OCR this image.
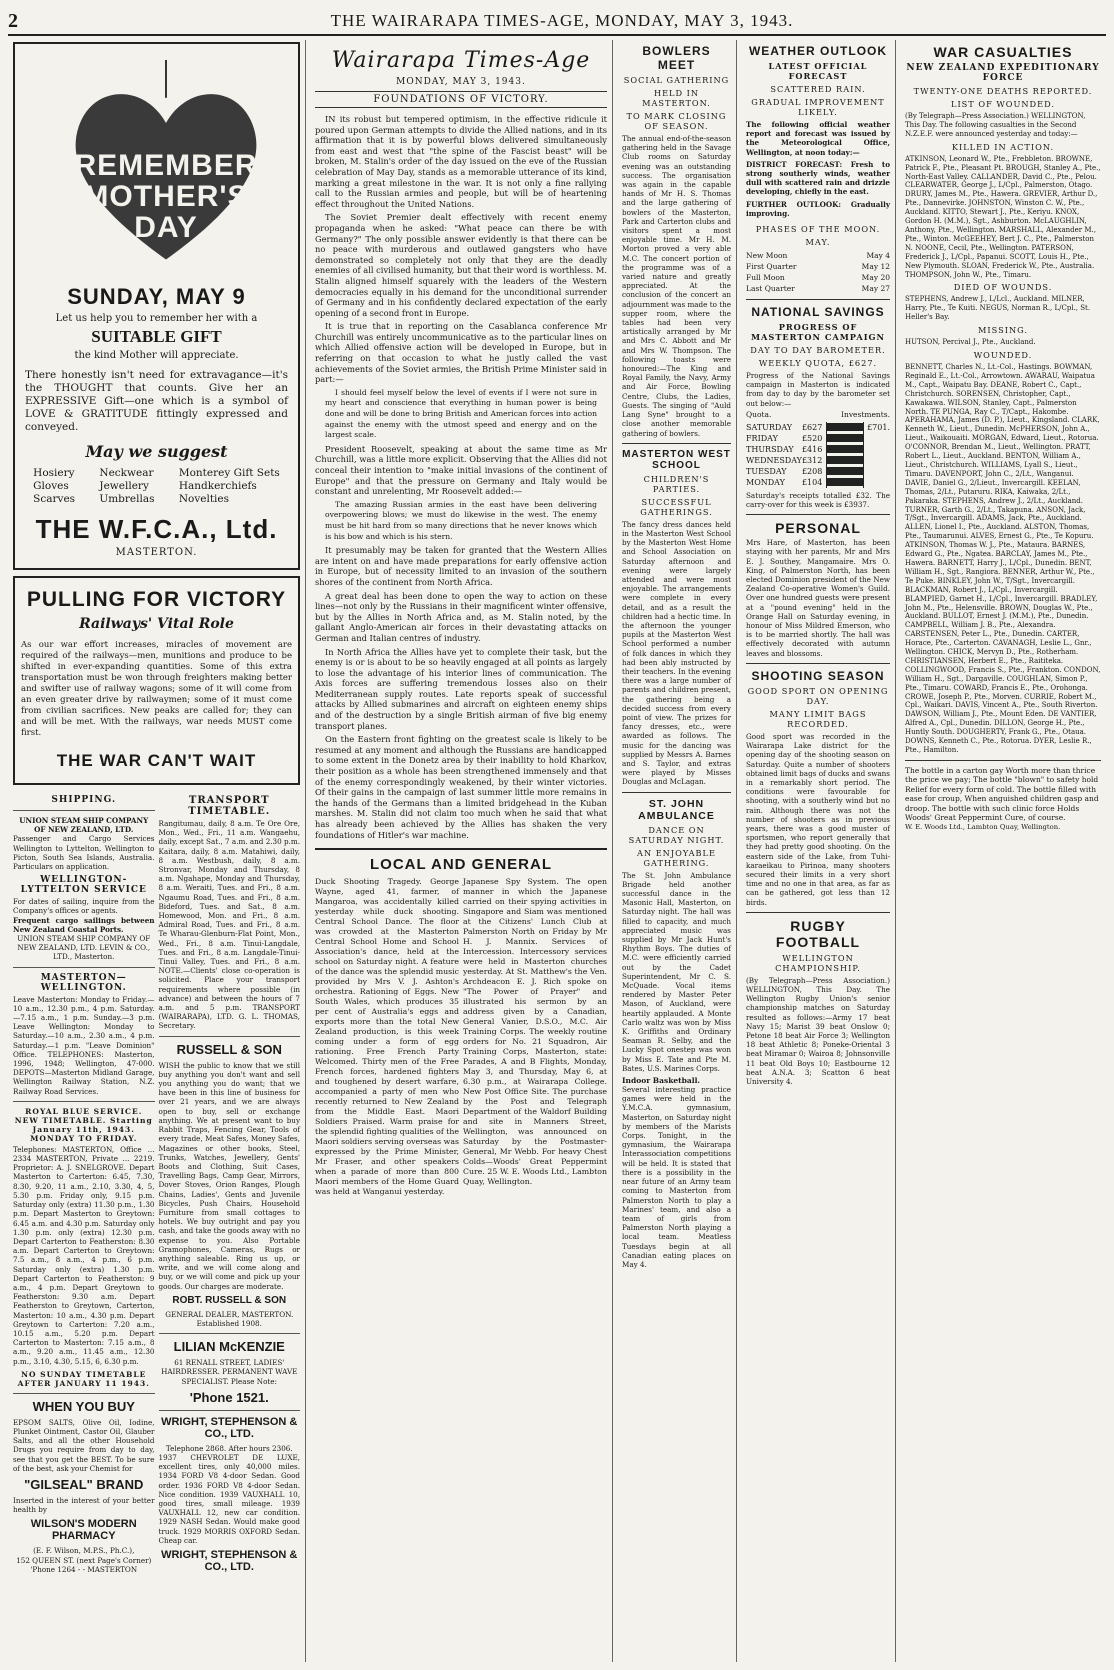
2	THE WAIRARAPA TIMES-AGE, MONDAY, MAY 3, 1943.
REMEMBER
MOTHER'S
DAY
SUNDAY, MAY 9
Let us help you to remember her with a
SUITABLE GIFT
the kind Mother will appreciate.
There honestly isn't need for extravagance—it's the THOUGHT that counts. Give her an EXPRESSIVE Gift—one which is a symbol of LOVE & GRATITUDE fittingly expressed and conveyed.
May we suggest
Hosiery
Gloves
Scarves
Neckwear
Jewellery
Umbrellas
Monterey Gift Sets
Handkerchiefs
Novelties
THE W.F.C.A., Ltd.
MASTERTON.
PULLING FOR VICTORY
Railways' Vital Role
As our war effort increases, miracles of movement are required of the railways—men, munitions and produce to be shifted in ever-expanding quantities. Some of this extra transportation must be won through freighters making better and swifter use of railway wagons; some of it will come from an even greater drive by railwaymen; some of it must come from civilian sacrifices. New peaks are called for; they can and will be met. With the railways, war needs MUST come first.
THE WAR CAN'T WAIT
SHIPPING.
UNION STEAM SHIP COMPANY OF NEW ZEALAND, LTD.
Passenger and Cargo Services Wellington to Lyttelton, Wellington to Picton, South Sea Islands, Australia. Particulars on application.
WELLINGTON-LYTTELTON SERVICE
For dates of sailing, inquire from the Company's offices or agents.
Frequent cargo sailings between New Zealand Coastal Ports.
UNION STEAM SHIP COMPANY OF NEW ZEALAND, LTD. LEVIN & CO., LTD., Masterton.
MASTERTON—WELLINGTON.
Leave Masterton: Monday to Friday.—10 a.m., 12.30 p.m., 4 p.m. Saturday.—7.15 a.m., 1 p.m. Sunday.—3 p.m. Leave Wellington: Monday to Saturday.—10 a.m., 2.30 a.m., 4 p.m. Saturday.—1 p.m. "Leave Dominion" Office. TELEPHONES: Masterton, 1996, 1948; Wellington, 47-000. DEPOTS—Masterton Midland Garage, Wellington Railway Station, N.Z. Railway Road Services.
ROYAL BLUE SERVICE. NEW TIMETABLE. Starting January 11th, 1943. MONDAY TO FRIDAY.
Telephones: MASTERTON, Office ... 2334 MASTERTON, Private ... 2219. Proprietor: A. J. SNELGROVE. Depart Masterton to Carterton: 6.45, 7.30, 8.30, 9.20, 11 a.m., 2.10, 3.30, 4, 5, 5.30 p.m. Friday only, 9.15 p.m. Saturday only (extra) 11.30 p.m., 1.30 p.m. Depart Masterton to Greytown: 6.45 a.m. and 4.30 p.m. Saturday only 1.30 p.m. only (extra) 12.30 p.m. Depart Carterton to Featherston: 8.30 a.m. Depart Carterton to Greytown: 7.5 a.m., 8 a.m., 4 p.m., 6 p.m. Saturday only (extra) 1.30 p.m. Depart Carterton to Featherston: 9 a.m., 4 p.m. Depart Greytown to Featherston: 9.30 a.m. Depart Featherston to Greytown, Carterton, Masterton: 10 a.m., 4.30 p.m. Depart Greytown to Carterton: 7.20 a.m., 10.15 a.m., 5.20 p.m. Depart Carterton to Masterton: 7.15 a.m., 8 a.m., 9.20 a.m., 11.45 a.m., 12.30 p.m., 3.10, 4.30, 5.15, 6, 6.30 p.m.
NO SUNDAY TIMETABLE AFTER JANUARY 11 1943.
WHEN YOU BUY
EPSOM SALTS, Olive Oil, Iodine, Plunket Ointment, Castor Oil, Glauber Salts, and all the other Household Drugs you require from day to day, see that you get the BEST. To be sure of the best, ask your Chemist for
"GILSEAL" BRAND
Inserted in the interest of your better health by
WILSON'S MODERN PHARMACY
(E. F. Wilson, M.P.S., Ph.C.),
152 QUEEN ST. (next Page's Corner) 'Phone 1264 - - MASTERTON
TRANSPORT TIMETABLE.
Rangitumau, daily, 8 a.m. Te Ore Ore, Mon., Wed., Fri., 11 a.m. Wangaehu, daily, except Sat., 7 a.m. and 2.30 p.m. Kaitara, daily, 8 a.m. Matahiwi, daily, 8 a.m. Westbush, daily, 8 a.m. Stronvar, Monday and Thursday, 8 a.m. Ngahape, Monday and Thursday, 8 a.m. Weraiti, Tues. and Fri., 8 a.m. Ngaumu Road, Tues. and Fri., 8 a.m. Bideford, Tues. and Sat., 8 a.m. Homewood, Mon. and Fri., 8 a.m. Admiral Road, Tues. and Fri., 8 a.m. Te Wharau-Glenburn-Flat Point, Mon., Wed., Fri., 8 a.m. Tinui-Langdale, Tues. and Fri., 8 a.m. Langdale-Tinui-Tinui Valley, Tues. and Fri., 8 a.m. NOTE.—Clients' close co-operation is solicited. Place your transport requirements where possible (in advance) and between the hours of 7 a.m. and 5 p.m. TRANSPORT (WAIRARAPA), LTD. G. L. THOMAS, Secretary.
RUSSELL & SON
WISH the public to know that we still buy anything you don't want and sell you anything you do want; that we have been in this line of business for over 21 years, and we are always open to buy, sell or exchange anything. We at present want to buy Rabbit Traps, Fencing Gear, Tools of every trade, Meat Safes, Money Safes, Magazines or other books, Steel, Trunks, Watches, Jewellery, Gents' Boots and Clothing, Suit Cases, Travelling Bags, Camp Gear, Mirrors, Dover Stoves, Orion Ranges, Plough Chains, Ladies', Gents and Juvenile Bicycles, Push Chairs, Household Furniture from small cottages to hotels. We buy outright and pay you cash, and take the goods away with no expense to you. Also Portable Gramophones, Cameras, Rugs or anything saleable. Ring us up, or write, and we will come along and buy, or we will come and pick up your goods. Our charges are moderate.
ROBT. RUSSELL & SON
GENERAL DEALER, MASTERTON. Established 1908.
LILIAN McKENZIE
61 RENALL STREET, LADIES' HAIRDRESSER. PERMANENT WAVE SPECIALIST. Please Note:
'Phone 1521.
WRIGHT, STEPHENSON & CO., LTD.
Telephone 2868. After hours 2306.
1937 CHEVROLET DE LUXE, excellent tires, only 40,000 miles. 1934 FORD V8 4-door Sedan. Good order. 1936 FORD V8 4-door Sedan. Nice condition. 1939 VAUXHALL 10, good tires, small mileage. 1939 VAUXHALL 12, new car condition. 1929 NASH Sedan. Would make good truck. 1929 MORRIS OXFORD Sedan. Cheap car.
WRIGHT, STEPHENSON & CO., LTD.
Wairarapa Times-Age
MONDAY, MAY 3, 1943.
FOUNDATIONS OF VICTORY.

IN its robust but tempered optimism, in the effective ridicule it poured upon German attempts to divide the Allied nations, and in its affirmation that it is by powerful blows delivered simultaneously from east and west that "the spine of the Fascist beast" will be broken, M. Stalin's order of the day issued on the eve of the Russian celebration of May Day, stands as a memorable utterance of its kind, marking a great milestone in the war. It is not only a fine rallying call to the Russian armies and people, but will be of heartening effect throughout the United Nations.

The Soviet Premier dealt effectively with recent enemy propaganda when he asked: "What peace can there be with Germany?" The only possible answer evidently is that there can be no peace with murderous and outlawed gangsters who have demonstrated so completely not only that they are the deadly enemies of all civilised humanity, but that their word is worthless. M. Stalin aligned himself squarely with the leaders of the Western democracies equally in his demand for the unconditional surrender of Germany and in his confidently declared expectation of the early opening of a second front in Europe.

It is true that in reporting on the Casablanca conference Mr Churchill was entirely uncommunicative as to the particular lines on which Allied offensive action will be developed in Europe, but in referring on that occasion to what he justly called the vast achievements of the Soviet armies, the British Prime Minister said in part:—

I should feel myself below the level of events if I were not sure in my heart and conscience that everything in human power is being done and will be done to bring British and American forces into action against the enemy with the utmost speed and energy and on the largest scale.

President Roosevelt, speaking at about the same time as Mr Churchill, was a little more explicit. Observing that the Allies did not conceal their intention to "make initial invasions of the continent of Europe" and that the pressure on Germany and Italy would be constant and unrelenting, Mr Roosevelt added:—

The amazing Russian armies in the east have been delivering overpowering blows; we must do likewise in the west. The enemy must be hit hard from so many directions that he never knows which is his bow and which is his stern.

It presumably may be taken for granted that the Western Allies are intent on and have made preparations for early offensive action in Europe, but of necessity limited to an invasion of the southern shores of the continent from North Africa.

A great deal has been done to open the way to action on these lines—not only by the Russians in their magnificent winter offensive, but by the Allies in North Africa and, as M. Stalin noted, by the gallant Anglo-American air forces in their devastating attacks on German and Italian centres of industry.

In North Africa the Allies have yet to complete their task, but the enemy is or is about to be so heavily engaged at all points as largely to lose the advantage of his interior lines of communication. The Axis forces are suffering tremendous losses also on their Mediterranean supply routes. Late reports speak of successful attacks by Allied submarines and aircraft on eighteen enemy ships and of the destruction by a single British airman of five big enemy transport planes.

On the Eastern front fighting on the greatest scale is likely to be resumed at any moment and although the Russians are handicapped to some extent in the Donetz area by their inability to hold Kharkov, their position as a whole has been strengthened immensely and that of the enemy correspondingly weakened, by their winter victories. Of their gains in the campaign of last summer little more remains in the hands of the Germans than a limited bridgehead in the Kuban marshes. M. Stalin did not claim too much when he said that what has already been achieved by the Allies has shaken the very foundations of Hitler's war machine.

LOCAL AND GENERAL
Duck Shooting Tragedy. George Wayne, aged 41, farmer, of Mangaroa, was accidentally killed yesterday while duck shooting. Central School Dance. The floor was crowded at the Masterton Central School Home and School Association's dance, held at the school on Saturday night. A feature of the dance was the splendid music provided by Mrs V. J. Ashton's orchestra. Rationing of Eggs. New South Wales, which produces 35 per cent of Australia's eggs and exports more than the total New Zealand production, is this week coming under a form of egg rationing. Free French Party Welcomed. Thirty men of the Free French forces, hardened fighters and toughened by desert warfare, accompanied a party of men who recently returned to New Zealand from the Middle East. Maori Soldiers Praised. Warm praise for the splendid fighting qualities of the Maori soldiers serving overseas was expressed by the Prime Minister, Mr Fraser, and other speakers when a parade of more than 800 Maori members of the Home Guard was held at Wanganui yesterday.
Japanese Spy System. The open manner in which the Japanese carried on their spying activities in Singapore and Siam was mentioned at the Citizens' Lunch Club at Palmerston North on Friday by Mr H. J. Mannix. Services of Intercession. Intercessory services were held in Masterton churches yesterday. At St. Matthew's the Ven. Archdeacon E. J. Rich spoke on "The Power of Prayer" and illustrated his sermon by an address given by a Canadian, General Vanier, D.S.O., M.C. Air Training Corps. The weekly routine orders for No. 21 Squadron, Air Training Corps, Masterton, state: Parades, A and B Flights, Monday, May 3, and Thursday, May 6, at 6.30 p.m., at Wairarapa College. New Post Office Site. The purchase by the Post and Telegraph Department of the Waldorf Building and site in Manners Street, Wellington, was announced on Saturday by the Postmaster-General, Mr Webb. For heavy Chest Colds—Woods' Great Peppermint Cure. 25 W. E. Woods Ltd., Lambton Quay, Wellington.
BOWLERS MEET
SOCIAL GATHERING
HELD IN MASTERTON.
TO MARK CLOSING OF SEASON.
The annual end-of-the-season gathering held in the Savage Club rooms on Saturday evening was an outstanding success. The organisation was again in the capable hands of Mr H. S. Thomas and the large gathering of bowlers of the Masterton, Park and Carterton clubs and visitors spent a most enjoyable time. Mr H. M. Morton proved a very able M.C. The concert portion of the programme was of a varied nature and greatly appreciated. At the conclusion of the concert an adjournment was made to the supper room, where the tables had been very artistically arranged by Mr and Mrs C. Abbott and Mr and Mrs W. Thompson. The following toasts were honoured:—The King and Royal Family, the Navy, Army and Air Force, Bowling Centre, Clubs, the Ladies, Guests. The singing of "Auld Lang Syne" brought to a close another memorable gathering of bowlers.
MASTERTON WEST SCHOOL
CHILDREN'S PARTIES.
SUCCESSFUL GATHERINGS.
The fancy dress dances held in the Masterton West School by the Masterton West Home and School Association on Saturday afternoon and evening were largely attended and were most enjoyable. The arrangements were complete in every detail, and as a result the children had a hectic time. In the afternoon the younger pupils at the Masterton West School performed a number of folk dances in which they had been ably instructed by their teachers. In the evening there was a large number of parents and children present, the gathering being a decided success from every point of view. The prizes for fancy dresses, etc., were awarded as follows. The music for the dancing was supplied by Messrs A. Barnes and S. Taylor, and extras were played by Misses Douglas and McLagan.
ST. JOHN AMBULANCE
DANCE ON SATURDAY NIGHT.
AN ENJOYABLE GATHERING.
The St. John Ambulance Brigade held another successful dance in the Masonic Hall, Masterton, on Saturday night. The hall was filled to capacity, and much appreciated music was supplied by Mr Jack Hunt's Rhythm Boys. The duties of M.C. were efficiently carried out by the Cadet Superintendent, Mr C. S. McQuade. Vocal items rendered by Master Peter Mason, of Auckland, were heartily applauded. A Monte Carlo waltz was won by Miss K. Griffiths and Ordinary Seaman R. Selby, and the Lucky Spot onestep was won by Miss E. Tate and Pte M. Bates, U.S. Marines Corps.
Indoor Basketball.
Several interesting practice games were held in the Y.M.C.A. gymnasium, Masterton, on Saturday night by members of the Marists Corps. Tonight, in the gymnasium, the Wairarapa Interassociation competitions will be held. It is stated that there is a possibility in the near future of an Army team coming to Masterton from Palmerston North to play a Marines' team, and also a team of girls from Palmerston North playing a local team. Meatless Tuesdays begin at all Canadian eating places on May 4.
WEATHER OUTLOOK
LATEST OFFICIAL FORECAST
SCATTERED RAIN.
GRADUAL IMPROVEMENT LIKELY.
The following official weather report and forecast was issued by the Meteorological Office, Wellington, at noon today:—
DISTRICT FORECAST: Fresh to strong southerly winds, weather dull with scattered rain and drizzle developing, chiefly in the east.
FURTHER OUTLOOK: Gradually improving.
PHASES OF THE MOON.
MAY.
New Moon	May 4
First Quarter	May 12
Full Moon	May 20
Last Quarter	May 27
NATIONAL SAVINGS
PROGRESS OF MASTERTON CAMPAIGN
DAY TO DAY BAROMETER.
WEEKLY QUOTA, £627.
Progress of the National Savings campaign in Masterton is indicated from day to day by the barometer set out below:—
Quota.	Investments.
SATURDAY	£627		£701.
FRIDAY	£520		

THURSDAY	£416		

WEDNESDAY	£312		

TUESDAY	£208		

MONDAY	£104		
Saturday's receipts totalled £32. The carry-over for this week is £3937.
PERSONAL
Mrs Hare, of Masterton, has been staying with her parents, Mr and Mrs E. J. Southey, Mangamaire. Mrs O. King, of Palmerston North, has been elected Dominion president of the New Zealand Co-operative Women's Guild. Over one hundred guests were present at a "pound evening" held in the Orange Hall on Saturday evening, in honour of Miss Mildred Emerson, who is to be married shortly. The hall was effectively decorated with autumn leaves and blossoms.
SHOOTING SEASON
GOOD SPORT ON OPENING DAY.
MANY LIMIT BAGS RECORDED.
Good sport was recorded in the Wairarapa Lake district for the opening day of the shooting season on Saturday. Quite a number of shooters obtained limit bags of ducks and swans in a remarkably short period. The conditions were favourable for shooting, with a southerly wind but no rain. Although there was not the number of shooters as in previous years, there was a good muster of sportsmen, who report generally that they had pretty good shooting. On the eastern side of the Lake, from Tuhi-karaeikau to Pirinoa, many shooters secured their limits in a very short time and no one in that area, as far as can be gathered, got less than 12 birds.
RUGBY FOOTBALL
WELLINGTON CHAMPIONSHIP.
(By Telegraph—Press Association.) WELLINGTON, This Day. The Wellington Rugby Union's senior championship matches on Saturday resulted as follows:—Army 17 beat Navy 15; Marist 39 beat Onslow 0; Petone 18 beat Air Force 3; Wellington 18 beat Athletic 8; Poneke-Oriental 3 beat Miramar 0; Wairoa 8; Johnsonville 11 beat Old Boys 10; Eastbourne 12 beat A.N.A. 3; Scatton 6 beat University 4.
WAR CASUALTIES
NEW ZEALAND EXPEDITIONARY FORCE
TWENTY-ONE DEATHS REPORTED.
LIST OF WOUNDED.
(By Telegraph—Press Association.) WELLINGTON, This Day. The following casualties in the Second N.Z.E.F. were announced yesterday and today:—
KILLED IN ACTION.
ATKINSON, Leonard W., Pte., Frebbleton. BROWNE, Patrick F., Pte., Pleasant Pt. BROUGH, Stanley A., Pte., North-East Valley. CALLANDER, David C., Pte., Pelou. CLEARWATER, George J., L/Cpl., Palmerston, Otago. DRURY, James M., Pte., Hawera. GREVIER, Arthur D., Pte., Dannevirke. JOHNSTON, Winston C. W., Pte., Auckland. KITTO, Stewart J., Pte., Keriyu. KNOX, Gordon H. (M.M.), Sgt., Ashburton. McLAUGHLIN, Anthony, Pte., Wellington. MARSHALL, Alexander M., Pte., Winton. McGEEHEY, Bert J. C., Pte., Palmerston N. NOONE, Cecil, Pte., Wellington. PATERSON, Frederick J., L/Cpl., Papanui. SCOTT, Louis H., Pte., New Plymouth. SLOAN, Frederick W., Pte., Australia. THOMPSON, John W., Pte., Timaru.
DIED OF WOUNDS.
STEPHENS, Andrew J., L/Lcl., Auckland. MILNER, Harry, Pte., Te Kuiti. NEGUS, Norman R., L/Cpl., St. Heller's Bay.
MISSING.
HUTSON, Percival J., Pte., Auckland.
WOUNDED.
BENNETT, Charles N., Lt.-Col., Hastings. BOWMAN, Reginald E., Lt.-Col., Arrowtown. AWARAU, Waipatua M., Capt., Waipatu Bay. DEANE, Robert C., Capt., Christchurch. SORENSEN, Christopher, Capt., Kawakawa. WILSON, Stanley, Capt., Palmerston North. TE PUNGA, Ray C., T/Capt., Hakombe. APERAHAMA, James (D. P.), Lieut., Kingsland. CLARK, Kenneth W., Lieut., Dunedin. McPHERSON, John A., Lieut., Waikouaiti. MORGAN, Edward, Lieut., Rotorua. O'CONNOR, Brendan M., Lieut., Wellington. PRATT, Robert L., Lieut., Auckland. BENTON, William A., Lieut., Christchurch. WILLIAMS, Lyall S., Lieut., Timaru. DAVENPORT, John C., 2/Lt., Wanganui. DAVIE, Daniel G., 2/Lieut., Invercargill. KEELAN, Thomas, 2/Lt., Putaruru. RIKA, Kaiwaka, 2/Lt., Pakaraka. STEPHENS, Andrew J., 2/Lt., Auckland. TURNER, Garth G., 2/Lt., Takapuna. ANSON, Jack, T/Sgt., Invercargill. ADAMS, Jack, Pte., Auckland. ALLEN, Lionel I., Pte., Auckland. ALSTON, Thomas, Pte., Taumarunui. ALVES, Ernest G., Pte., Te Kopuru. ATKINSON, Thomas W. J., Pte., Mataura. BARNES, Edward G., Pte., Ngatea. BARCLAY, James M., Pte., Hawera. BARNETT, Harry J., L/Cpl., Dunedin. BENT, William H., Sgt., Rangiora. BENNER, Arthur W., Pte., Te Puke. BINKLEY, John W., T/Sgt., Invercargill. BLACKMAN, Robert J., L/Cpl., Invercargill. BLAMPIED, Garnet H., L/Cpl., Invercargill. BRADLEY, John M., Pte., Helensville. BROWN, Douglas W., Pte., Auckland. BULLOT, Ernest J. (M.M.), Pte., Dunedin. CAMPBELL, William J. B., Pte., Alexandra. CARSTENSEN, Peter L., Pte., Dunedin. CARTER, Horace, Pte., Carterton. CAVANAGH, Leslie L., Gnr., Wellington. CHICK, Mervyn D., Pte., Rotherham. CHRISTIANSEN, Herbert E., Pte., Raititeka. COLLINGWOOD, Francis S., Pte., Frankton. CONDON, William H., Sgt., Dargaville. COUGHLAN, Simon P., Pte., Timaru. COWARD, Francis E., Pte., Orohonga. CROWE, Joseph P., Pte., Morven. CURRIE, Robert M., Cpl., Waikari. DAVIS, Vincent A., Pte., South Riverton. DAWSON, William J., Pte., Mount Eden. DE VANTIER, Alfred A., Cpl., Dunedin. DILLON, George H., Pte., Huntly South. DOUGHERTY, Frank G., Pte., Otaua. DOWNS, Kenneth C., Pte., Rotorua. DYER, Leslie R., Pte., Hamilton.
The bottle in a carton gay Worth more than thrice the price we pay; The bottle "blown" to safety hold Relief for every form of cold. The bottle filled with ease for croup, When anguished children gasp and droop. The bottle with such clinic force Holds Woods' Great Peppermint Cure, of course.
W. E. Woods Ltd., Lambton Quay, Wellington.
